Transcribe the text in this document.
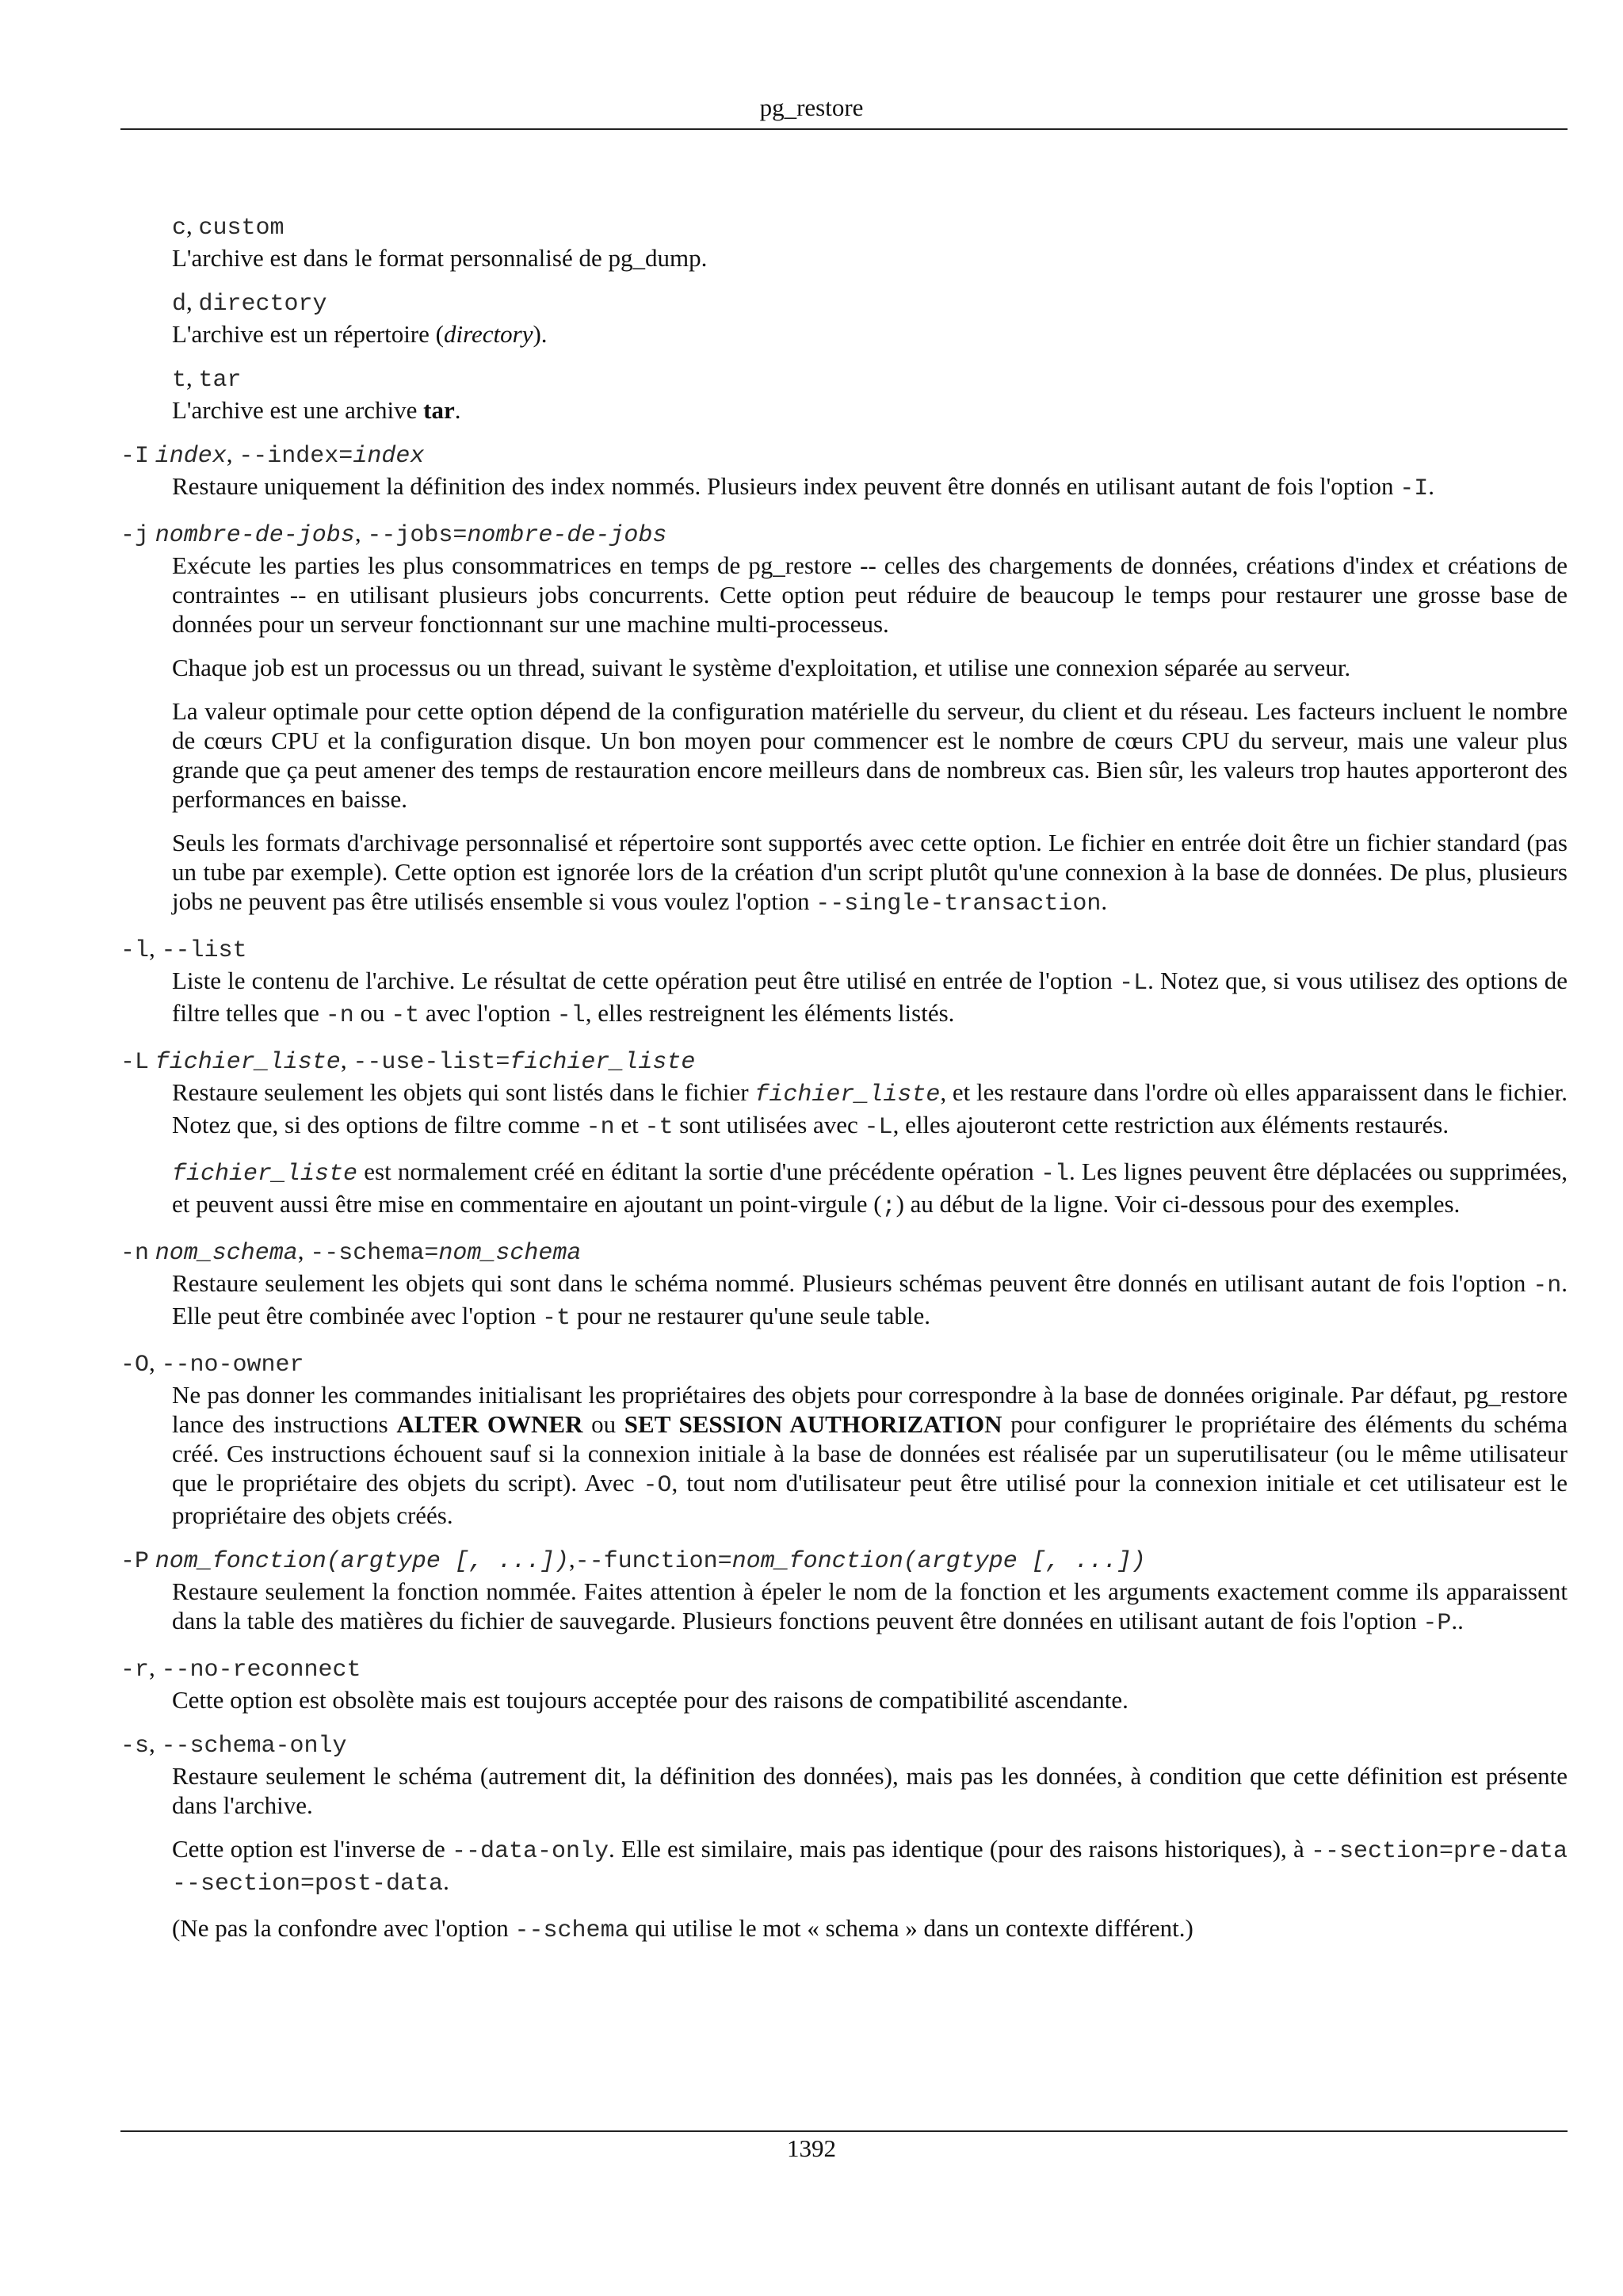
pg_restore
c, custom
L'archive est dans le format personnalisé de pg_dump.
d, directory
L'archive est un répertoire (directory).
t, tar
L'archive est une archive tar.
-I index, --index=index
Restaure uniquement la définition des index nommés. Plusieurs index peuvent être donnés en utilisant autant de fois l'option -I.
-j nombre-de-jobs, --jobs=nombre-de-jobs

Exécute les parties les plus consommatrices en temps de pg_restore -- celles des chargements de données, créations d'index et créations de contraintes -- en utilisant plusieurs jobs concurrents. Cette option peut réduire de beaucoup le temps pour restaurer une grosse base de données pour un serveur fonctionnant sur une machine multi-processeus.

Chaque job est un processus ou un thread, suivant le système d'exploitation, et utilise une connexion séparée au serveur.

La valeur optimale pour cette option dépend de la configuration matérielle du serveur, du client et du réseau. Les facteurs incluent le nombre de cœurs CPU et la configuration disque. Un bon moyen pour commencer est le nombre de cœurs CPU du serveur, mais une valeur plus grande que ça peut amener des temps de restauration encore meilleurs dans de nombreux cas. Bien sûr, les valeurs trop hautes apporteront des performances en baisse.

Seuls les formats d'archivage personnalisé et répertoire sont supportés avec cette option. Le fichier en entrée doit être un fichier standard (pas un tube par exemple). Cette option est ignorée lors de la création d'un script plutôt qu'une connexion à la base de données. De plus, plusieurs jobs ne peuvent pas être utilisés ensemble si vous voulez l'option --single-transaction.

-l, --list
Liste le contenu de l'archive. Le résultat de cette opération peut être utilisé en entrée de l'option -L. Notez que, si vous utilisez des options de filtre telles que -n ou -t avec l'option -l, elles restreignent les éléments listés.
-L fichier_liste, --use-list=fichier_liste

Restaure seulement les objets qui sont listés dans le fichier fichier_liste, et les restaure dans l'ordre où elles apparaissent dans le fichier. Notez que, si des options de filtre comme -n et -t sont utilisées avec -L, elles ajouteront cette restriction aux éléments restaurés.

fichier_liste est normalement créé en éditant la sortie d'une précédente opération -l. Les lignes peuvent être déplacées ou supprimées, et peuvent aussi être mise en commentaire en ajoutant un point-virgule (;) au début de la ligne. Voir ci-dessous pour des exemples.

-n nom_schema, --schema=nom_schema
Restaure seulement les objets qui sont dans le schéma nommé. Plusieurs schémas peuvent être donnés en utilisant autant de fois l'option -n. Elle peut être combinée avec l'option -t pour ne restaurer qu'une seule table.
-O, --no-owner
Ne pas donner les commandes initialisant les propriétaires des objets pour correspondre à la base de données originale. Par défaut, pg_restore lance des instructions ALTER OWNER ou SET SESSION AUTHORIZATION pour configurer le propriétaire des éléments du schéma créé. Ces instructions échouent sauf si la connexion initiale à la base de données est réalisée par un superutilisateur (ou le même utilisateur que le propriétaire des objets du script). Avec -O, tout nom d'utilisateur peut être utilisé pour la connexion initiale et cet utilisateur est le propriétaire des objets créés.
-P nom_fonction(argtype [, ...]),--function=nom_fonction(argtype [, ...])
Restaure seulement la fonction nommée. Faites attention à épeler le nom de la fonction et les arguments exactement comme ils apparaissent dans la table des matières du fichier de sauvegarde. Plusieurs fonctions peuvent être données en utilisant autant de fois l'option -P..
-r, --no-reconnect
Cette option est obsolète mais est toujours acceptée pour des raisons de compatibilité ascendante.
-s, --schema-only

Restaure seulement le schéma (autrement dit, la définition des données), mais pas les données, à condition que cette définition est présente dans l'archive.

Cette option est l'inverse de --data-only. Elle est similaire, mais pas identique (pour des raisons historiques), à --section=pre-data --section=post-data.

(Ne pas la confondre avec l'option --schema qui utilise le mot « schema » dans un contexte différent.)

1392
